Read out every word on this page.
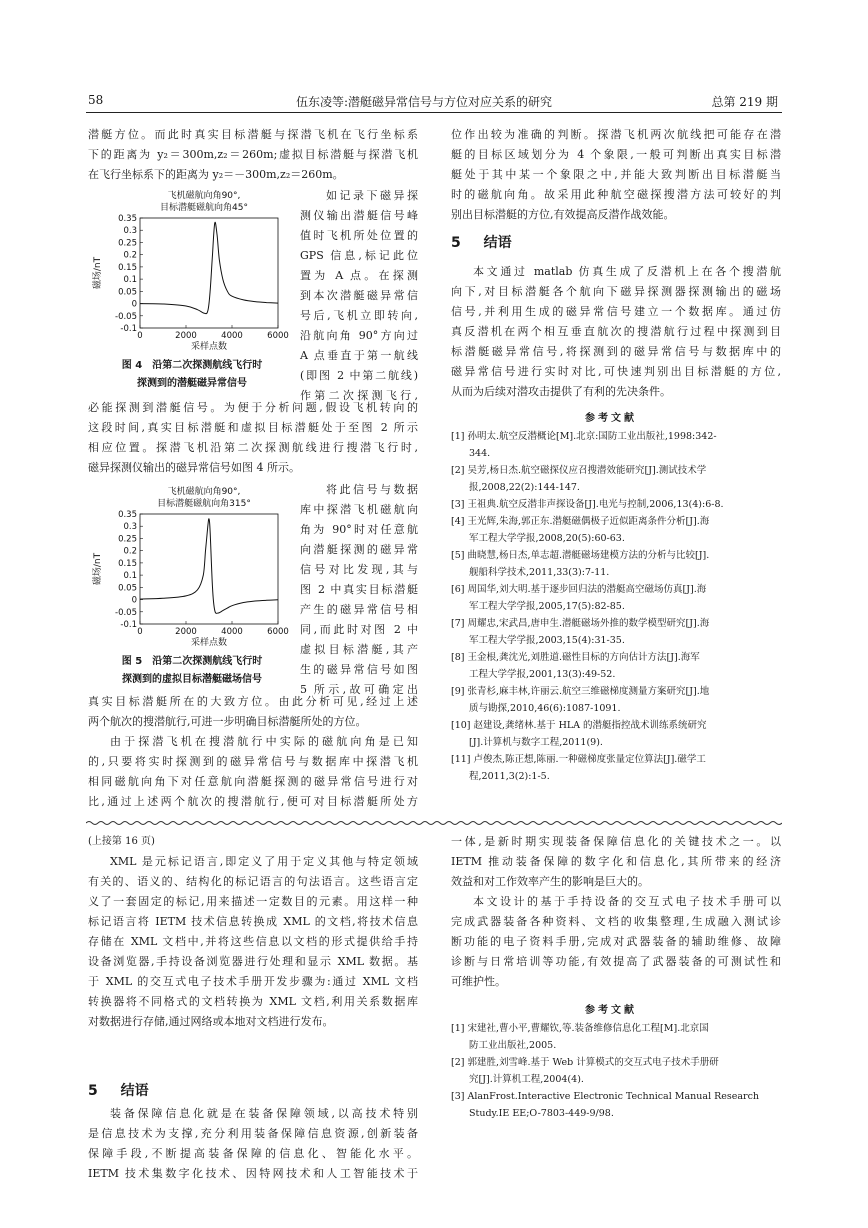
58	伍东凌等:潜艇磁异常信号与方位对应关系的研究	总第 219 期
潜艇方位。而此时真实目标潜艇与探潜飞机在飞行坐标系
下的距离为 y₂＝300m,z₂＝260m;虚拟目标潜艇与探潜飞机
在飞行坐标系下的距离为 y₂＝－300m,z₂＝260m。
飞机磁航向角90°,
目标潜艇磁航向角45°
0.35
0.3
0.25
0.2
0.15
0.1
0.05
0
-0.05
-0.1
0	2000	4000	6000
采样点数
磁场/nT
图 4　沿第二次探测航线飞行时
探测到的潜艇磁异常信号
如记录下磁异探
测仪输出潜艇信号峰
值时飞机所处位置的
GPS 信息,标记此位
置为 A 点。在探测
到本次潜艇磁异常信
号后,飞机立即转向,
沿航向角 90°方向过
A 点垂直于第一航线
(即图 2 中第二航线)
作第二次探测飞行,
必能探测到潜艇信号。为便于分析问题,假设飞机转向的
这段时间,真实目标潜艇和虚拟目标潜艇处于至图 2 所示
相应位置。探潜飞机沿第二次探测航线进行搜潜飞行时,
磁异探测仪输出的磁异常信号如图 4 所示。
飞机磁航向角90°,
目标潜艇磁航向角315°
0.35
0.3
0.25
0.2
0.15
0.1
0.05
0
-0.05
-0.1
0	2000	4000	6000
采样点数
磁场/nT
图 5　沿第二次探测航线飞行时
探测到的虚拟目标潜艇磁场信号
将此信号与数据
库中探潜飞机磁航向
角为 90°时对任意航
向潜艇探测的磁异常
信号对比发现,其与
图 2 中真实目标潜艇
产生的磁异常信号相
同,而此时对图 2 中
虚拟目标潜艇,其产
生的磁异常信号如图
5 所示,故可确定出
真实目标潜艇所在的大致方位。由此分析可见,经过上述
两个航次的搜潜航行,可进一步明确目标潜艇所处的方位。
由于探潜飞机在搜潜航行中实际的磁航向角是已知
的,只要将实时探测到的磁异常信号与数据库中探潜飞机
相同磁航向角下对任意航向潜艇探测的磁异常信号进行对
比,通过上述两个航次的搜潜航行,便可对目标潜艇所处方
位作出较为准确的判断。探潜飞机两次航线把可能存在潜
艇的目标区域划分为 4 个象限,一般可判断出真实目标潜
艇处于其中某一个象限之中,并能大致判断出目标潜艇当
时的磁航向角。故采用此种航空磁探搜潜方法可较好的判
别出目标潜艇的方位,有效提高反潜作战效能。
5 结语
本文通过 matlab 仿真生成了反潜机上在各个搜潜航
向下,对目标潜艇各个航向下磁异探测器探测输出的磁场
信号,并利用生成的磁异常信号建立一个数据库。通过仿
真反潜机在两个相互垂直航次的搜潜航行过程中探测到目
标潜艇磁异常信号,将探测到的磁异常信号与数据库中的
磁异常信号进行实时对比,可快速判别出目标潜艇的方位,
从而为后续对潜攻击提供了有利的先决条件。
参考文献
[1] 孙明太.航空反潜概论[M].北京:国防工业出版社,1998:342-
344.
[2] 吴芳,杨日杰.航空磁探仪应召搜潜效能研究[J].测试技术学
报,2008,22(2):144-147.
[3] 王祖典.航空反潜非声探设备[J].电光与控制,2006,13(4):6-8.
[4] 王光辉,朱海,郭正东.潜艇磁偶极子近似距离条件分析[J].海
军工程大学学报,2008,20(5):60-63.
[5] 曲晓慧,杨日杰,单志超.潜艇磁场建模方法的分析与比较[J].
舰船科学技术,2011,33(3):7-11.
[6] 周国华,刘大明.基于逐步回归法的潜艇高空磁场仿真[J].海
军工程大学学报,2005,17(5):82-85.
[7] 周耀忠,宋武昌,唐申生.潜艇磁场外推的数学模型研究[J].海
军工程大学学报,2003,15(4):31-35.
[8] 王金根,龚沈光,刘胜道.磁性目标的方向估计方法[J].海军
工程大学学报,2001,13(3):49-52.
[9] 张青杉,麻丰林,许丽云.航空三维磁梯度测量方案研究[J].地
质与勘探,2010,46(6):1087-1091.
[10] 赵建设,龚绪林.基于 HLA 的潜艇指控战术训练系统研究
[J].计算机与数字工程,2011(9).
[11] 卢俊杰,陈正想,陈丽.一种磁梯度张量定位算法[J].磁学工
程,2011,3(2):1-5.
(上接第 16 页)
XML 是元标记语言,即定义了用于定义其他与特定领域
有关的、语义的、结构化的标记语言的句法语言。这些语言定
义了一套固定的标记,用来描述一定数目的元素。用这样一种
标记语言将 IETM 技术信息转换成 XML 的文档,将技术信息
存储在 XML 文档中,并将这些信息以文档的形式提供给手持
设备浏览器,手持设备浏览器进行处理和显示 XML 数据。基
于 XML 的交互式电子技术手册开发步骤为:通过 XML 文档
转换器将不同格式的文档转换为 XML 文档,利用关系数据库
对数据进行存储,通过网络或本地对文档进行发布。
5 结语
装备保障信息化就是在装备保障领域,以高技术特别
是信息技术为支撑,充分利用装备保障信息资源,创新装备
保障手段,不断提高装备保障的信息化、智能化水平。
IETM 技术集数字化技术、因特网技术和人工智能技术于
一体,是新时期实现装备保障信息化的关键技术之一。以
IETM 推动装备保障的数字化和信息化,其所带来的经济
效益和对工作效率产生的影响是巨大的。
本文设计的基于手持设备的交互式电子技术手册可以
完成武器装备各种资料、文档的收集整理,生成融入测试诊
断功能的电子资料手册,完成对武器装备的辅助维修、故障
诊断与日常培训等功能,有效提高了武器装备的可测试性和
可维护性。
参考文献
[1] 宋建社,曹小平,曹耀钦,等.装备维修信息化工程[M].北京国
防工业出版社,2005.
[2] 郭建胜,刘雪峰.基于 Web 计算模式的交互式电子技术手册研
究[J].计算机工程,2004(4).
[3] AlanFrost.Interactive Electronic Technical Manual Research
Study.IE EE;O-7803-449-9/98.
